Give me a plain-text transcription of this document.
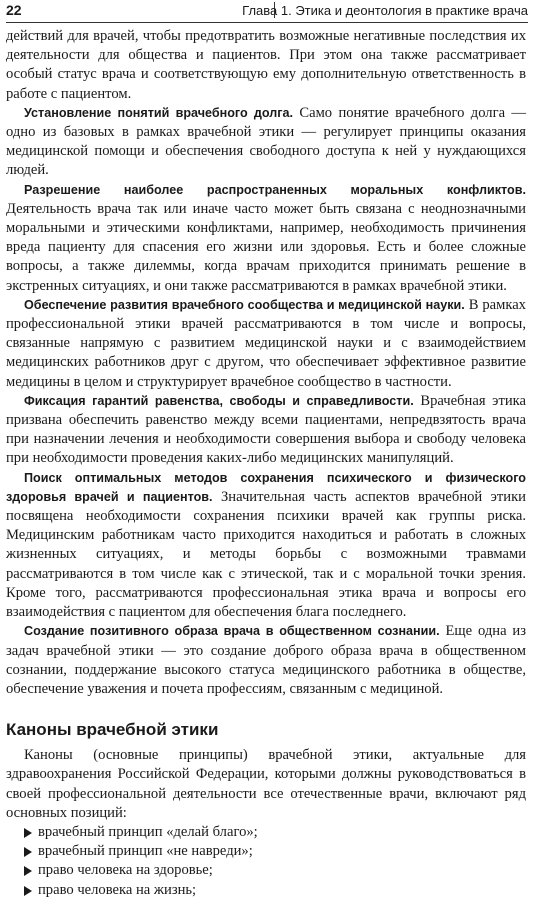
22	Глава 1. Этика и деонтология в практике врача

действий для врачей, чтобы предотвратить возможные негативные последствия их деятельности для общества и пациентов. При этом она также рассматривает особый статус врача и соответствующую ему дополнительную ответственность в работе с пациентом.

Установление понятий врачебного долга. Само понятие врачебного долга — одно из базовых в рамках врачебной этики — регулирует принципы оказания медицинской помощи и обеспечения свободного доступа к ней у нуждающихся людей.

Разрешение наиболее распространенных моральных конфликтов. Деятельность врача так или иначе часто может быть связана с неоднозначными моральными и этическими конфликтами, например, необходимость причинения вреда пациенту для спасения его жизни или здоровья. Есть и более сложные вопросы, а также дилеммы, когда врачам приходится принимать решение в экстренных ситуациях, и они также рассматриваются в рамках врачебной этики.

Обеспечение развития врачебного сообщества и медицинской науки. В рамках профессиональной этики врачей рассматриваются в том числе и вопросы, связанные напрямую с развитием медицинской науки и с взаимодействием медицинских работников друг с другом, что обеспечивает эффективное развитие медицины в целом и структурирует врачебное сообщество в частности.

Фиксация гарантий равенства, свободы и справедливости. Врачебная этика призвана обеспечить равенство между всеми пациентами, непредвзятость врача при назначении лечения и необходимости совершения выбора и свободу человека при необходимости проведения каких-либо медицинских манипуляций.

Поиск оптимальных методов сохранения психического и физического здоровья врачей и пациентов. Значительная часть аспектов врачебной этики посвящена необходимости сохранения психики врачей как группы риска. Медицинским работникам часто приходится находиться и работать в сложных жизненных ситуациях, и методы борьбы с возможными травмами рассматриваются в том числе как с этической, так и с моральной точки зрения. Кроме того, рассматриваются профессиональная этика врача и вопросы его взаимодействия с пациентом для обеспечения блага последнего.

Создание позитивного образа врача в общественном сознании. Еще одна из задач врачебной этики — это создание доброго образа врача в общественном сознании, поддержание высокого статуса медицинского работника в обществе, обеспечение уважения и почета профессиям, связанным с медициной.

Каноны врачебной этики

Каноны (основные принципы) врачебной этики, актуальные для здравоохранения Российской Федерации, которыми должны руководствоваться в своей профессиональной деятельности все отечественные врачи, включают ряд основных позиций:

врачебный принцип «делай благо»;
врачебный принцип «не навреди»;
право человека на здоровье;
право человека на жизнь;
